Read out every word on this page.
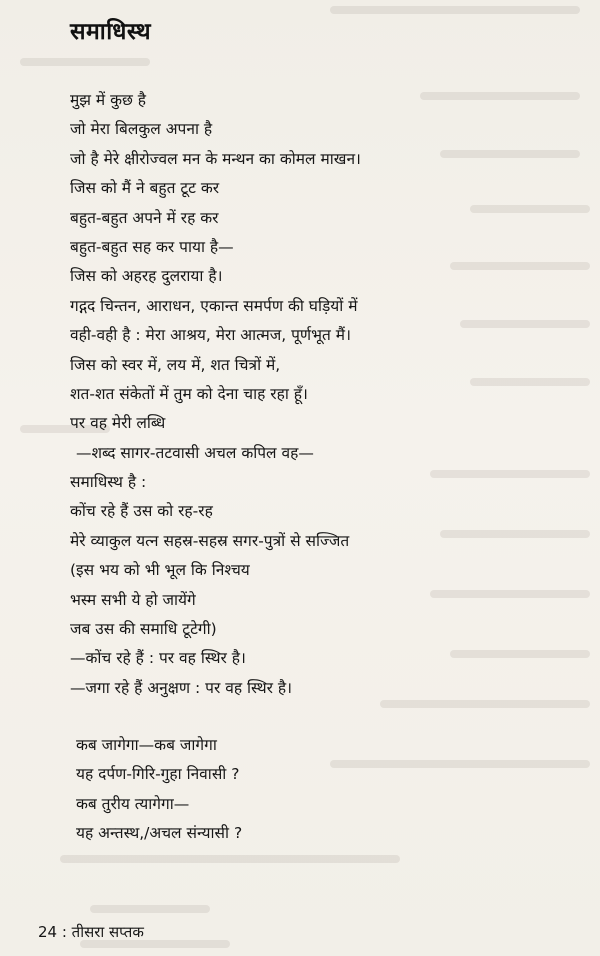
समाधिस्थ
मुझ में कुछ है
जो मेरा बिलकुल अपना है
जो है मेरे क्षीरोज्वल मन के मन्थन का कोमल माखन।
जिस को मैं ने बहुत टूट कर
बहुत-बहुत अपने में रह कर
बहुत-बहुत सह कर पाया है—
जिस को अहरह दुलराया है।
गद्गद चिन्तन, आराधन, एकान्त समर्पण की घड़ियों में
वही-वही है : मेरा आश्रय, मेरा आत्मज, पूर्णभूत मैं।
जिस को स्वर में, लय में, शत चित्रों में,
शत-शत संकेतों में तुम को देना चाह रहा हूँ।
पर वह मेरी लब्धि
—शब्द सागर-तटवासी अचल कपिल वह—
समाधिस्थ है :
कोंच रहे हैं उस को रह-रह
मेरे व्याकुल यत्न सहस्र-सहस्र सगर-पुत्रों से सज्जित
(इस भय को भी भूल कि निश्चय
भस्म सभी ये हो जायेंगे
जब उस की समाधि टूटेगी)
—कोंच रहे हैं : पर वह स्थिर है।
—जगा रहे हैं अनुक्षण : पर वह स्थिर है।
कब जागेगा—कब जागेगा
यह दर्पण-गिरि-गुहा निवासी ?
कब तुरीय त्यागेगा—
यह अन्तस्थ,/अचल संन्यासी ?
24 : तीसरा सप्तक
